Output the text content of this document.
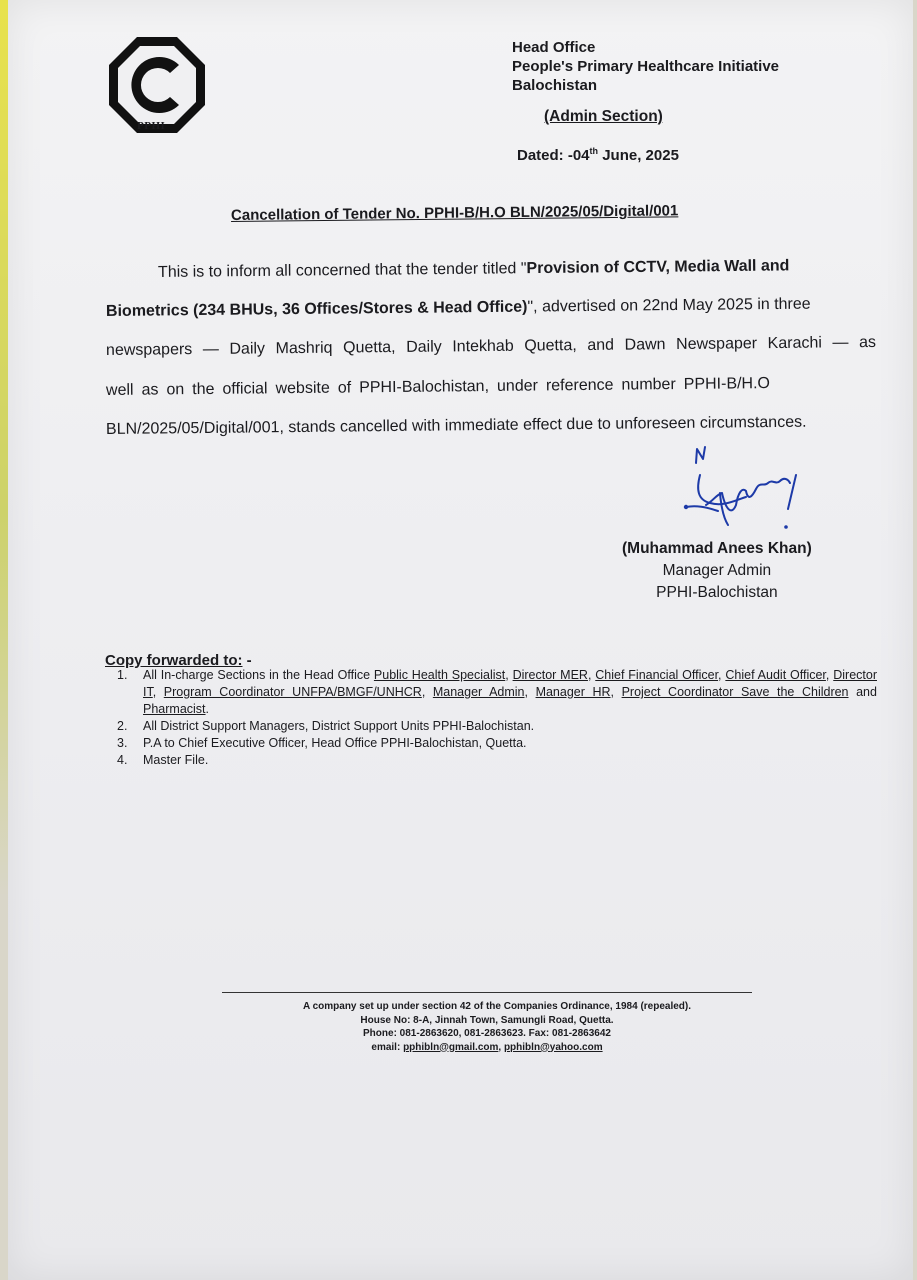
PPHI
Head Office
People's Primary Healthcare Initiative
Balochistan
(Admin Section)
Dated: -04th June, 2025
Cancellation of Tender No. PPHI-B/H.O BLN/2025/05/Digital/001
This is to inform all concerned that the tender titled "Provision of CCTV, Media Wall and
Biometrics (234 BHUs, 36 Offices/Stores & Head Office)", advertised on 22nd May 2025 in three
newspapers — Daily Mashriq Quetta, Daily Intekhab Quetta, and Dawn Newspaper Karachi — as
well as on the official website of PPHI-Balochistan, under reference number PPHI-B/H.O
BLN/2025/05/Digital/001, stands cancelled with immediate effect due to unforeseen circumstances.
(Muhammad Anees Khan)
Manager Admin
PPHI-Balochistan
Copy forwarded to: -
1. All In-charge Sections in the Head Office Public Health Specialist, Director MER, Chief Financial Officer, Chief Audit Officer, Director IT, Program Coordinator UNFPA/BMGF/UNHCR, Manager Admin, Manager HR, Project Coordinator Save the Children and Pharmacist.
2. All District Support Managers, District Support Units PPHI-Balochistan.
3. P.A to Chief Executive Officer, Head Office PPHI-Balochistan, Quetta.
4. Master File.
A company set up under section 42 of the Companies Ordinance, 1984 (repealed).
House No: 8-A, Jinnah Town, Samungli Road, Quetta.
Phone: 081-2863620, 081-2863623. Fax: 081-2863642
email: pphibln@gmail.com, pphibln@yahoo.com
